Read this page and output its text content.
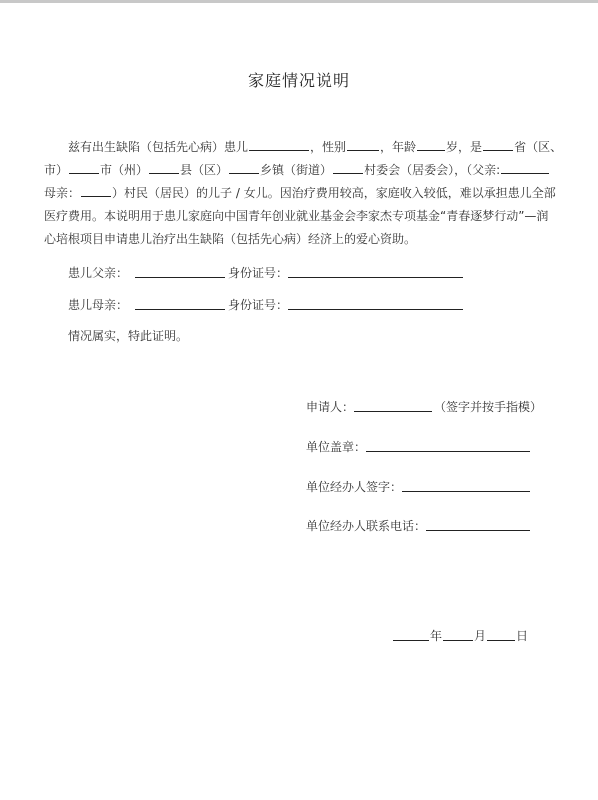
家庭情况说明
兹有出生缺陷（包括先心病）患儿	，性别	，年龄	岁，是	省（区、
市）	市（州）	县（区）	乡镇（街道）	村委会（居委会），（父亲:
母亲：	）村民（居民）的儿子 / 女儿。因治疗费用较高，家庭收入较低，难以承担患儿全部
医疗费用。本说明用于患儿家庭向中国青年创业就业基金会李家杰专项基金“青春逐梦行动”—润
心培根项目申请患儿治疗出生缺陷（包括先心病）经济上的爱心资助。
患儿父亲：	身份证号：
患儿母亲：	身份证号：
情况属实，特此证明。
申请人：	（签字并按手指模）
单位盖章：
单位经办人签字：
单位经办人联系电话：
年	月 日
